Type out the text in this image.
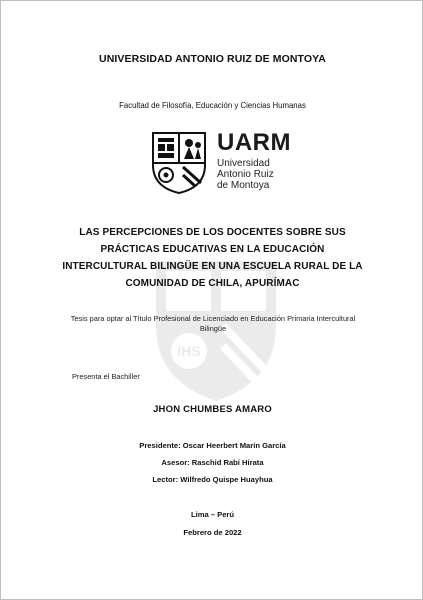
IHS
UNIVERSIDAD ANTONIO RUIZ DE MONTOYA
Facultad de Filosofía, Educación y Ciencias Humanas
UARM
Universidad
Antonio Ruiz
de Montoya
LAS PERCEPCIONES DE LOS DOCENTES SOBRE SUS
PRÁCTICAS EDUCATIVAS EN LA EDUCACIÓN
INTERCULTURAL BILINGÜE EN UNA ESCUELA RURAL DE LA
COMUNIDAD DE CHILA, APURÍMAC
Tesis para optar al Título Profesional de Licenciado en Educación Primaria Intercultural
Bilingüe
Presenta el Bachiller
JHON CHUMBES AMARO
Presidente: Oscar Heerbert Marin García
Asesor: Raschid Rabí Hirata
Lector: Wilfredo Quispe Huayhua
Lima – Perú
Febrero de 2022
